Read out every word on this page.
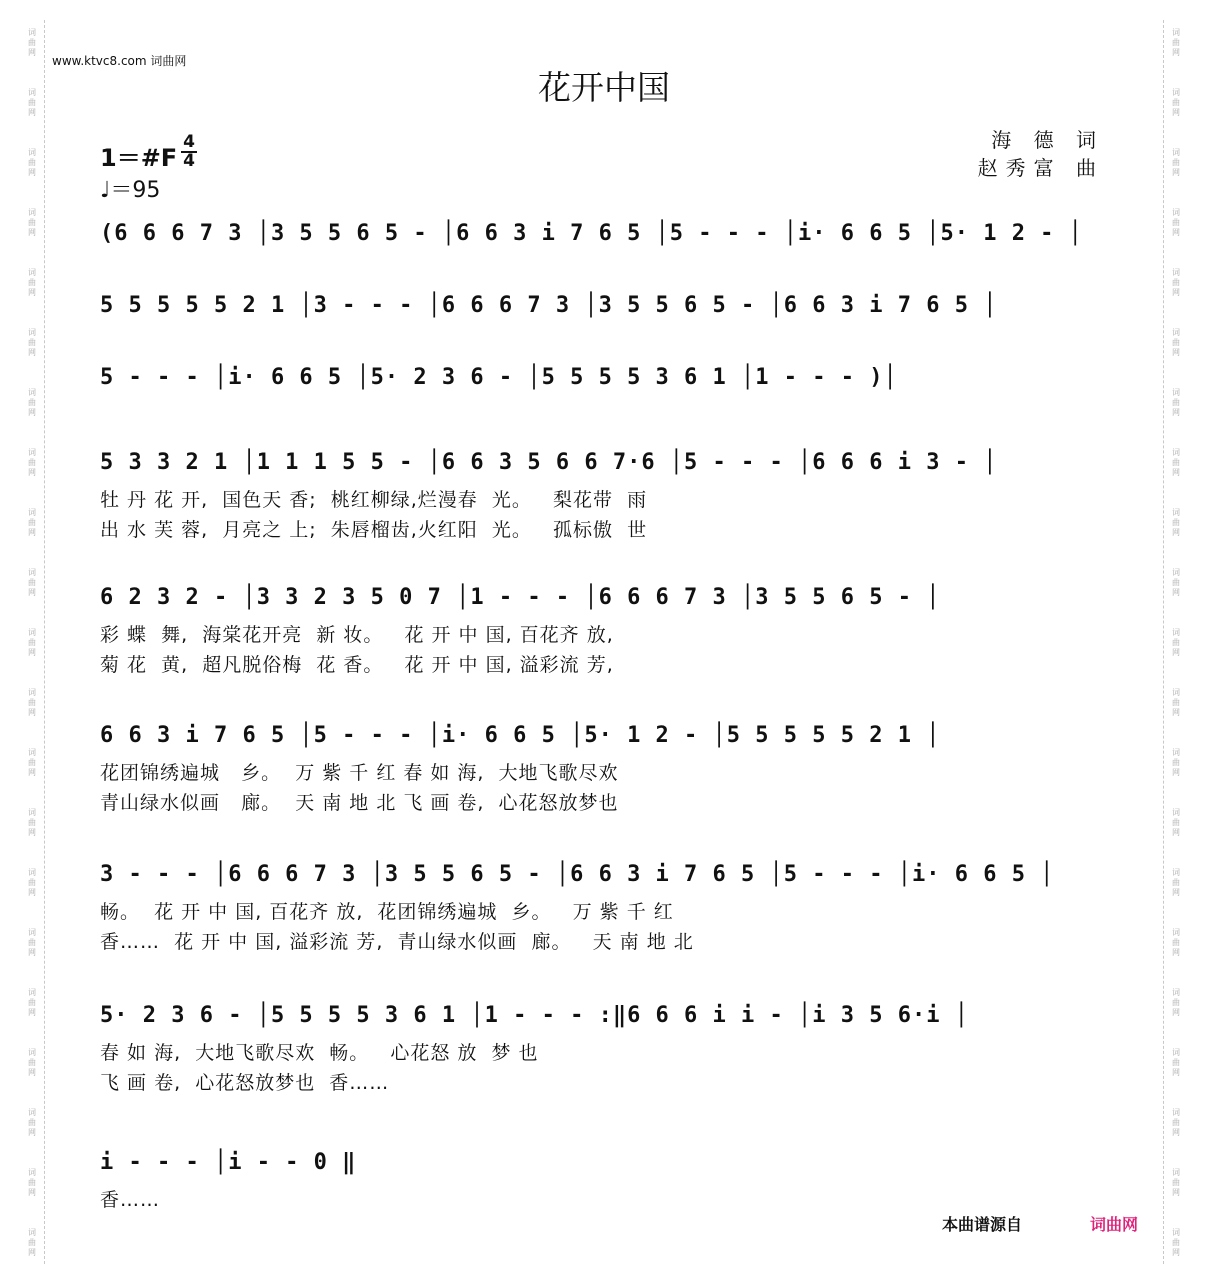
词
曲
网
词
曲
网
词
曲
网
词
曲
网
词
曲
网
词
曲
网
词
曲
网
词
曲
网
词
曲
网
词
曲
网
词
曲
网
词
曲
网
词
曲
网
词
曲
网
词
曲
网
词
曲
网
词
曲
网
词
曲
网
词
曲
网
词
曲
网
词
曲
网
词
曲
网
词
曲
网
词
曲
网
词
曲
网
词
曲
网
词
曲
网
词
曲
网
词
曲
网
词
曲
网
词
曲
网
词
曲
网
词
曲
网
词
曲
网
词
曲
网
词
曲
网
词
曲
网
词
曲
网
词
曲
网
词
曲
网
词
曲
网
词
曲
网
www.ktvc8.com 词曲网
花开中国
海 德 词
赵秀富 曲
1＝#F
4
4
♩＝95
(6 6 6 7 3 │3 5 5 6 5 - │6 6 3 i 7 6 5 │5 - - - │i· 6 6 5 │5· 1 2 - │
5 5 5 5 5 2 1 │3 - - - │6 6 6 7 3 │3 5 5 6 5 - │6 6 3 i 7 6 5 │
5 - - - │i· 6 6 5 │5· 2 3 6 - │5 5 5 5 3 6 1 │1 - - - )│
5 3 3 2 1 │1 1 1 5 5 - │6 6 3 5 6 6 7·6 │5 - - - │6 6 6 i 3 - │
牡 丹 花 开,  国色天 香;  桃红柳绿,烂漫春  光。   梨花带  雨
出 水 芙 蓉,  月亮之 上;  朱唇榴齿,火红阳  光。   孤标傲  世
6 2 3 2 - │3 3 2 3 5 0 7 │1 - - - │6 6 6 7 3 │3 5 5 6 5 - │
彩 蝶  舞,  海棠花开亮  新 妆。   花 开 中 国, 百花齐 放,
菊 花  黄,  超凡脱俗梅  花 香。   花 开 中 国, 溢彩流 芳,
6 6 3 i 7 6 5 │5 - - - │i· 6 6 5 │5· 1 2 - │5 5 5 5 5 2 1 │
花团锦绣遍城   乡。  万 紫 千 红 春 如 海,  大地飞歌尽欢
青山绿水似画   廊。  天 南 地 北 飞 画 卷,  心花怒放梦也
3 - - - │6 6 6 7 3 │3 5 5 6 5 - │6 6 3 i 7 6 5 │5 - - - │i· 6 6 5 │
畅。  花 开 中 国, 百花齐 放,  花团锦绣遍城  乡。   万 紫 千 红
香……  花 开 中 国, 溢彩流 芳,  青山绿水似画  廊。   天 南 地 北
5· 2 3 6 - │5 5 5 5 3 6 1 │1 - - - :‖6 6 6 i i - │i 3 5 6·i │
春 如 海,  大地飞歌尽欢  畅。   心花怒 放  梦 也
飞 画 卷,  心花怒放梦也  香……
i - - - │i - - 0 ‖
香……
本曲谱源自	词曲网
